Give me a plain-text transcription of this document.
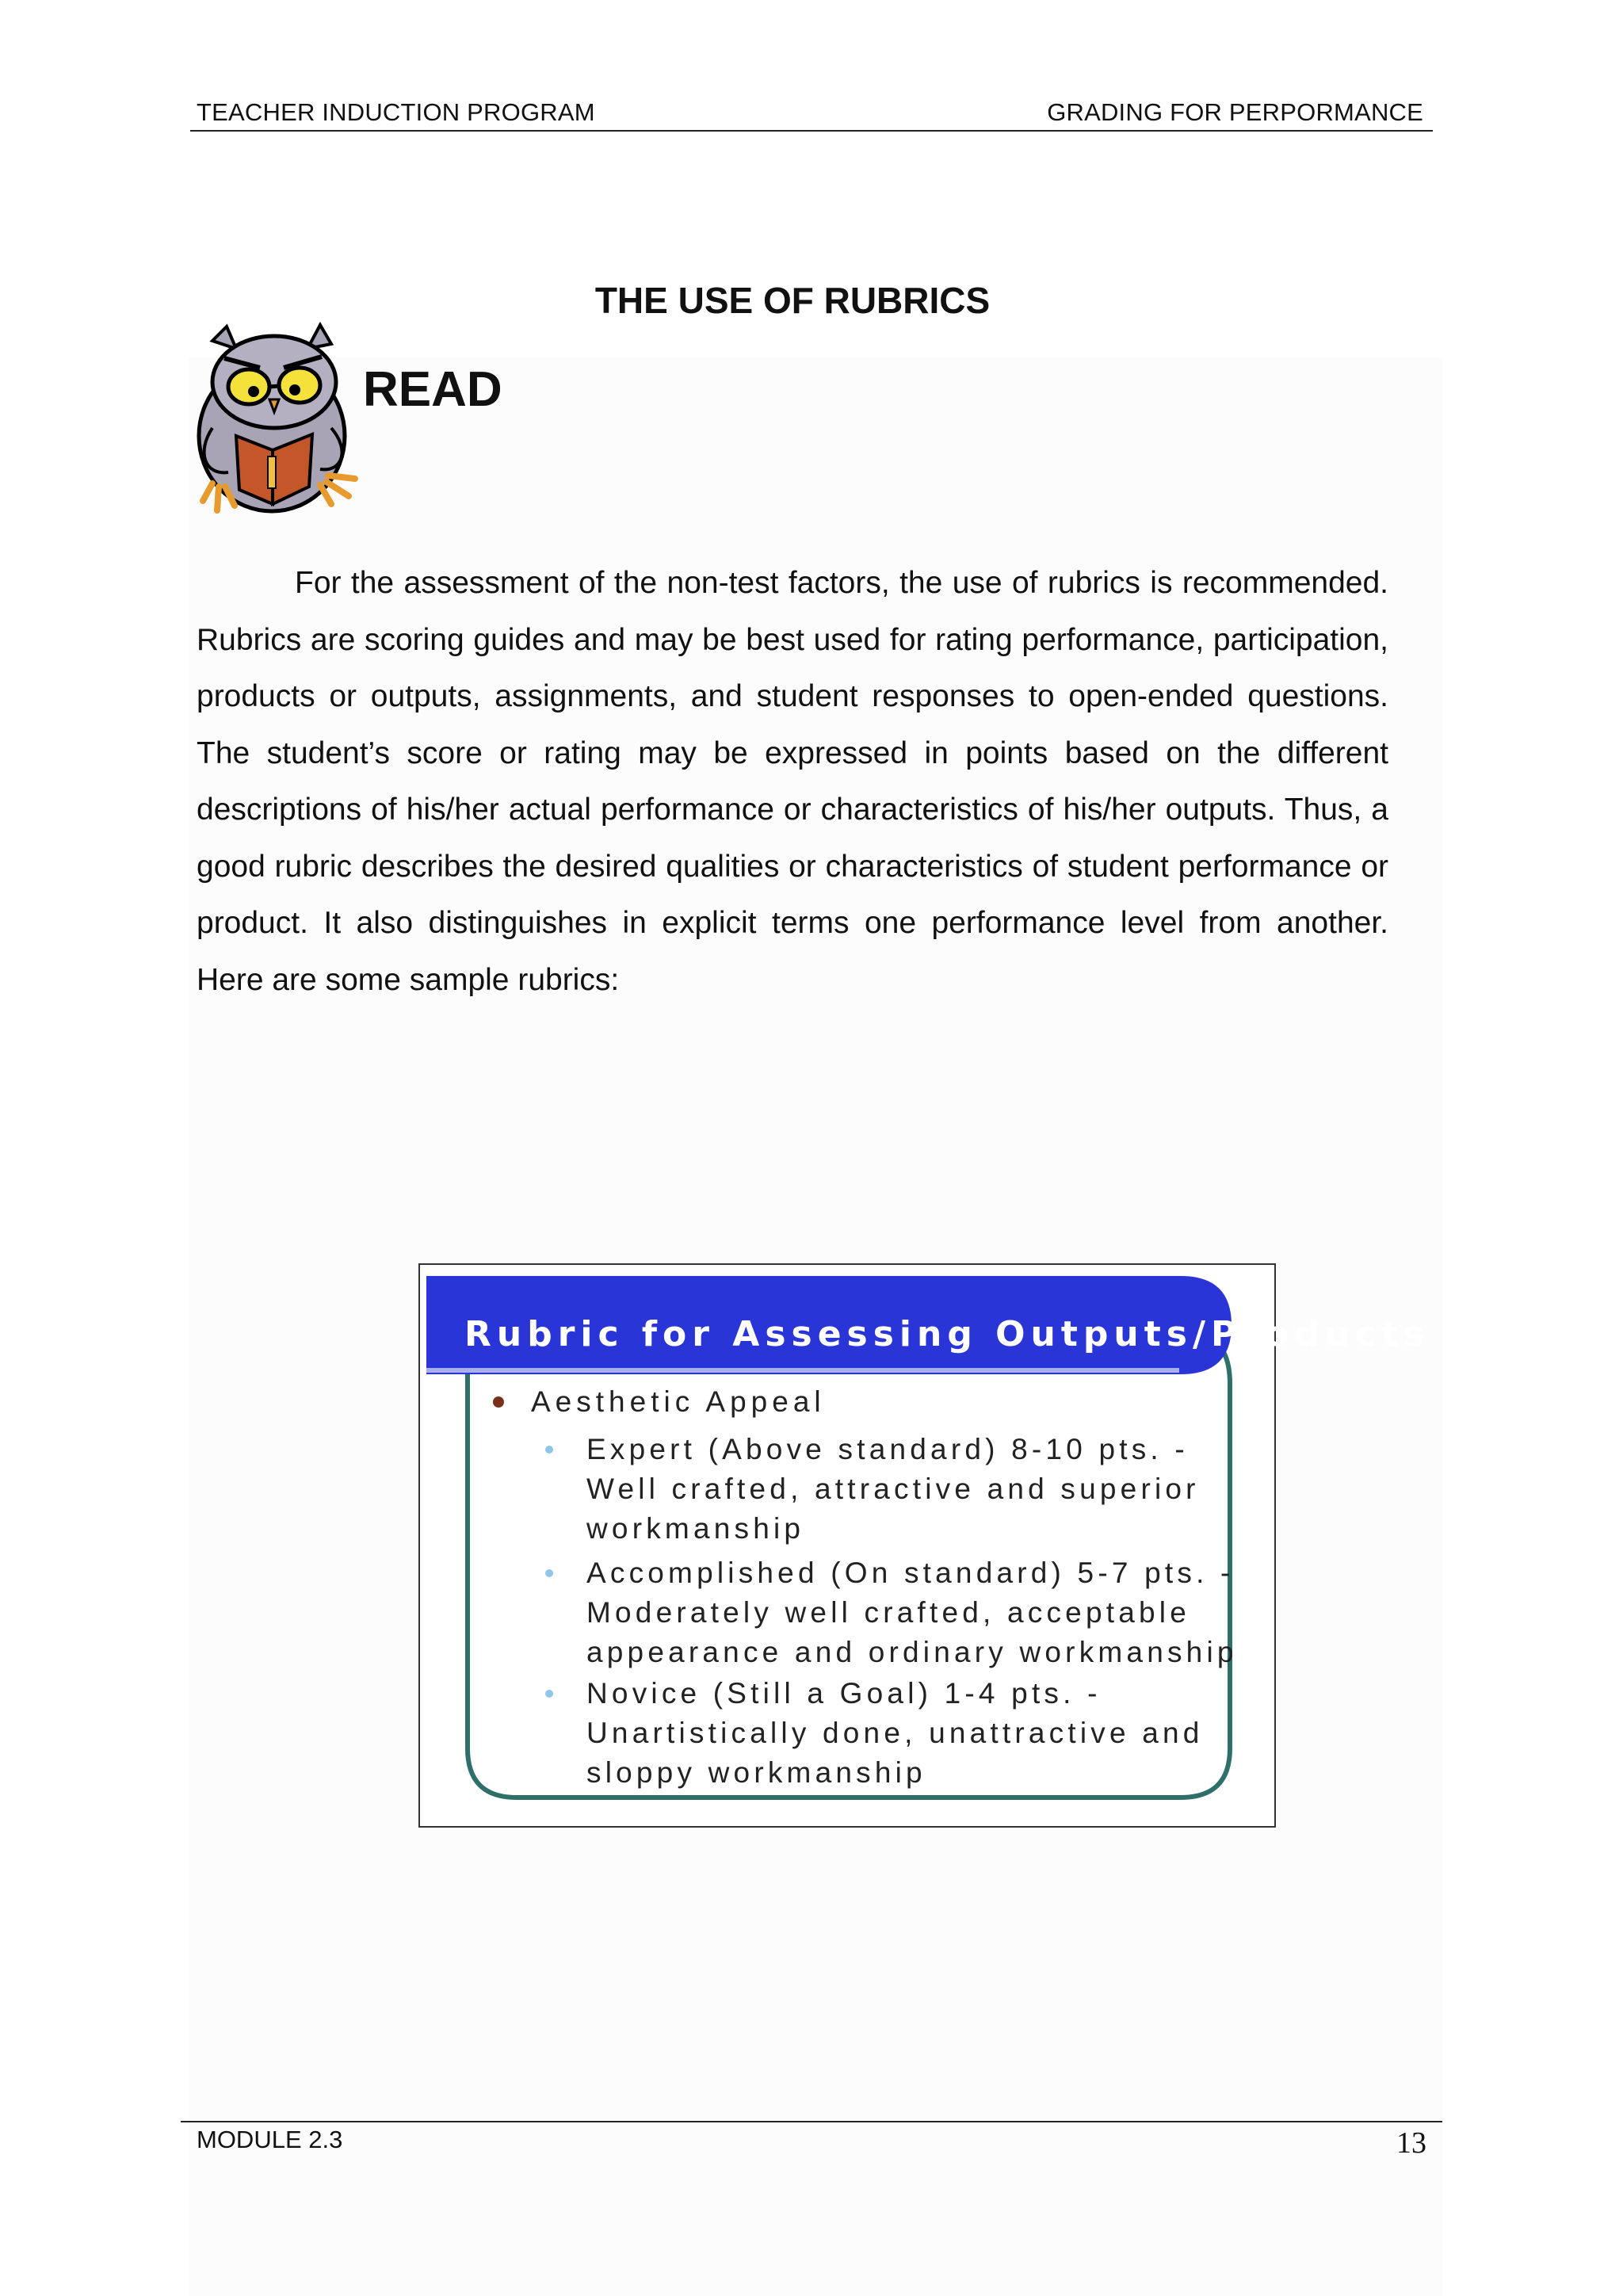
TEACHER INDUCTION PROGRAM	GRADING FOR PERPORMANCE
THE USE OF RUBRICS
READ
For the assessment of the non-test factors, the use of rubrics is recommended. Rubrics are scoring guides and may be best used for rating performance, participation, products or outputs, assignments, and student responses to open-ended questions. The student’s score or rating may be expressed in points based on the different descriptions of his/her actual performance or characteristics of his/her outputs. Thus, a good rubric describes the desired qualities or characteristics of student performance or product. It also distinguishes in explicit terms one performance level from another. Here are some sample rubrics:
Rubric for Assessing Outputs/Products
Aesthetic Appeal
Expert (Above standard) 8-10 pts. - Well crafted, attractive and superior workmanship
Accomplished (On standard) 5-7 pts. - Moderately well crafted, acceptable appearance and ordinary workmanship
Novice (Still a Goal) 1-4 pts. - Unartistically done, unattractive and sloppy workmanship
MODULE 2.3	13
